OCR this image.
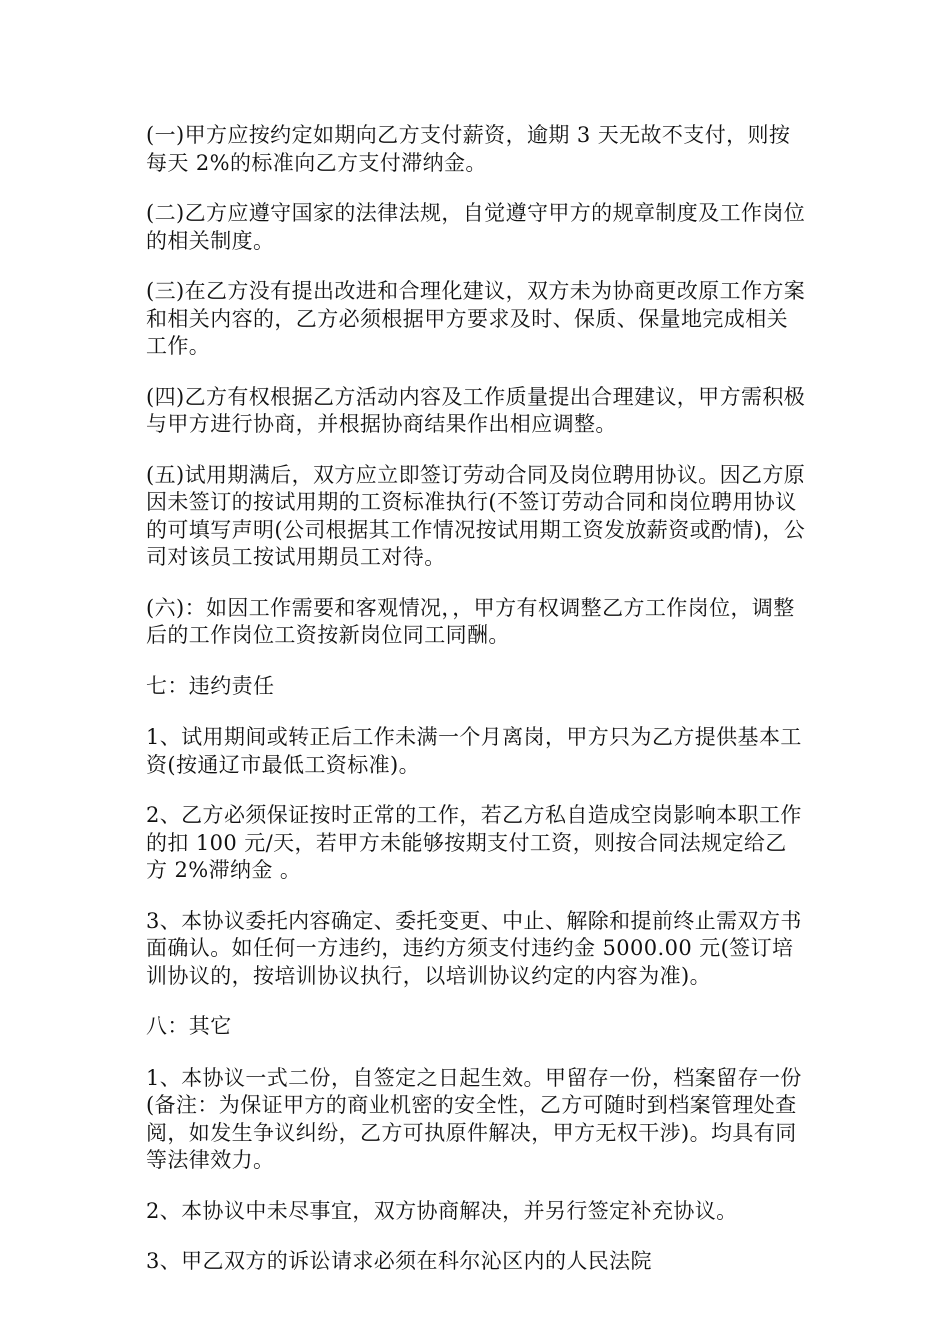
(一)甲方应按约定如期向乙方支付薪资，逾期 3 天无故不支付，则按每天 2%的标准向乙方支付滞纳金。

(二)乙方应遵守国家的法律法规，自觉遵守甲方的规章制度及工作岗位的相关制度。

(三)在乙方没有提出改进和合理化建议，双方未为协商更改原工作方案和相关内容的，乙方必须根据甲方要求及时、保质、保量地完成相关工作。

(四)乙方有权根据乙方活动内容及工作质量提出合理建议，甲方需积极与甲方进行协商，并根据协商结果作出相应调整。

(五)试用期满后，双方应立即签订劳动合同及岗位聘用协议。因乙方原因未签订的按试用期的工资标准执行(不签订劳动合同和岗位聘用协议的可填写声明(公司根据其工作情况按试用期工资发放薪资或酌情)，公司对该员工按试用期员工对待。

(六)：如因工作需要和客观情况，，甲方有权调整乙方工作岗位，调整后的工作岗位工资按新岗位同工同酬。

七：违约责任

1、试用期间或转正后工作未满一个月离岗，甲方只为乙方提供基本工资(按通辽市最低工资标准)。

2、乙方必须保证按时正常的工作，若乙方私自造成空岗影响本职工作的扣 100 元/天，若甲方未能够按期支付工资，则按合同法规定给乙方 2%滞纳金 。

3、本协议委托内容确定、委托变更、中止、解除和提前终止需双方书面确认。如任何一方违约，违约方须支付违约金 5000.00 元(签订培训协议的，按培训协议执行，以培训协议约定的内容为准)。

八：其它

1、本协议一式二份，自签定之日起生效。甲留存一份，档案留存一份(备注：为保证甲方的商业机密的安全性，乙方可随时到档案管理处查阅，如发生争议纠纷，乙方可执原件解决，甲方无权干涉)。均具有同等法律效力。

2、本协议中未尽事宜，双方协商解决，并另行签定补充协议。

3、甲乙双方的诉讼请求必须在科尔沁区内的人民法院
